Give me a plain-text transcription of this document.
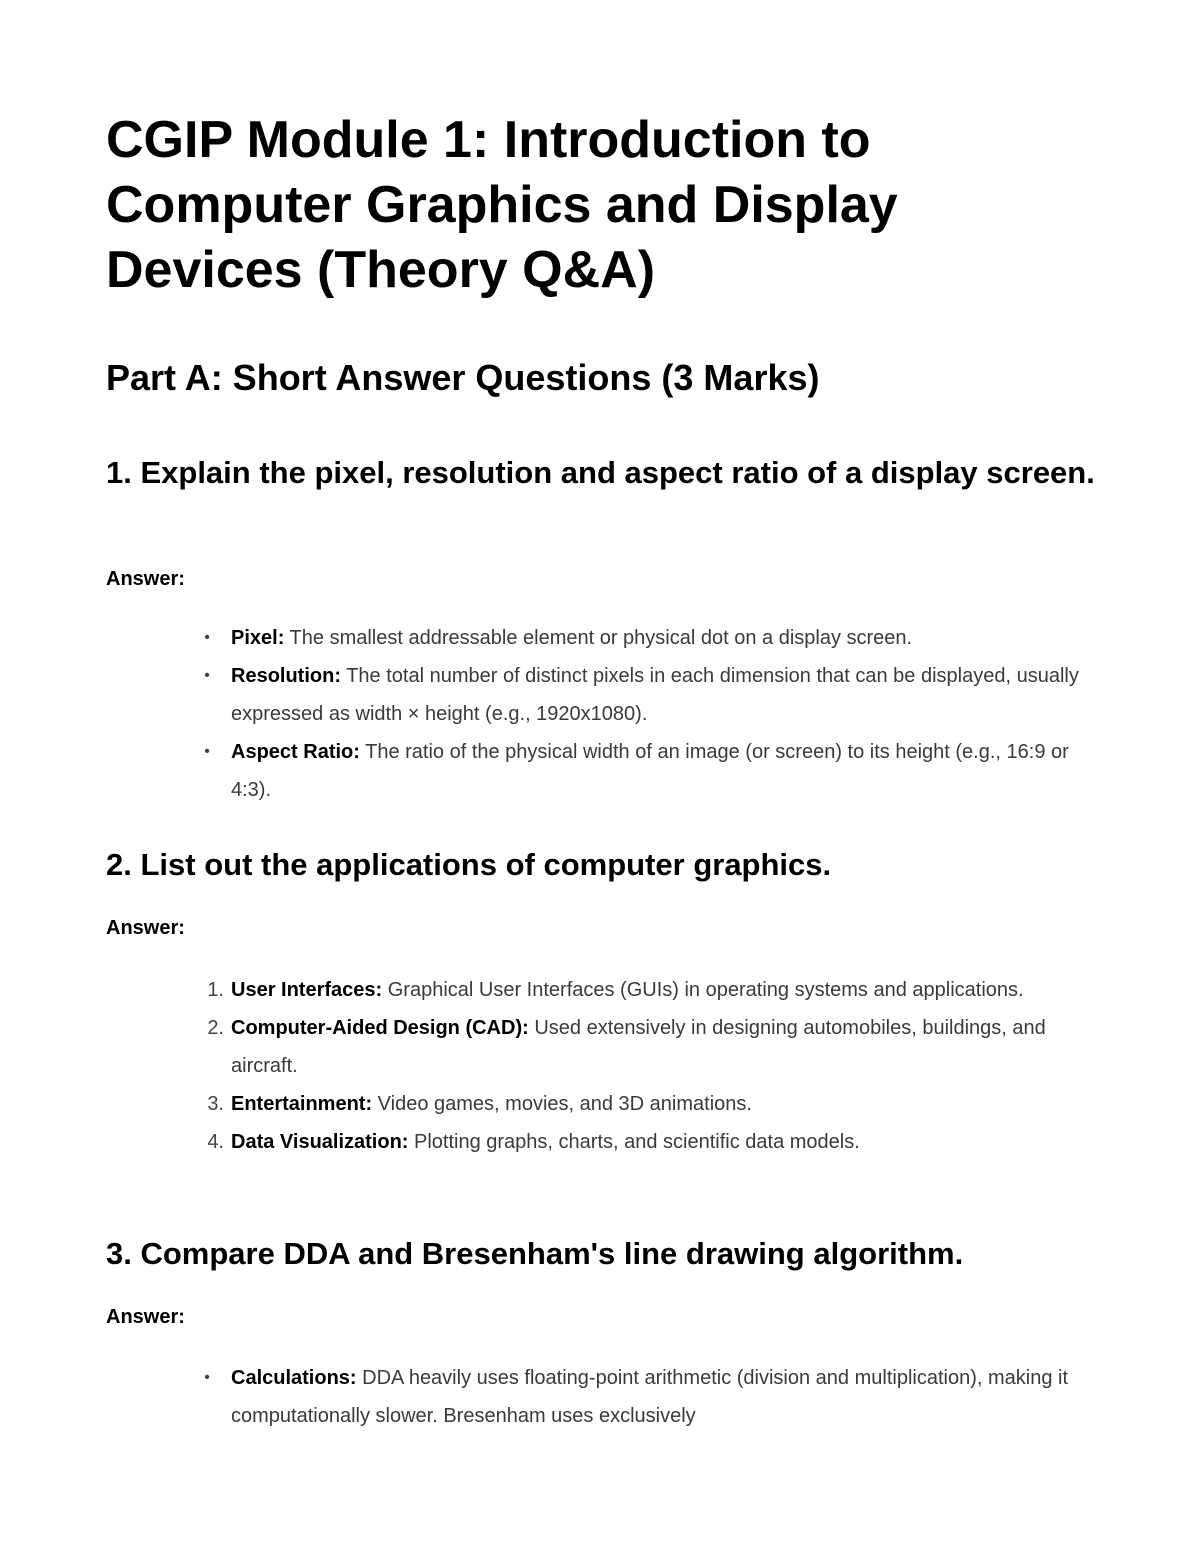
CGIP Module 1: Introduction to Computer Graphics and Display Devices (Theory Q&A)
Part A: Short Answer Questions (3 Marks)
1. Explain the pixel, resolution and aspect ratio of a display screen.

Answer:

•	Pixel: The smallest addressable element or physical dot on a display screen.
•	Resolution: The total number of distinct pixels in each dimension that can be displayed, usually expressed as width × height (e.g., 1920x1080).
•	Aspect Ratio: The ratio of the physical width of an image (or screen) to its height (e.g., 16:9 or 4:3).
2. List out the applications of computer graphics.

Answer:

1. User Interfaces: Graphical User Interfaces (GUIs) in operating systems and applications.
2. Computer-Aided Design (CAD): Used extensively in designing automobiles, buildings, and aircraft.
3. Entertainment: Video games, movies, and 3D animations.
4. Data Visualization: Plotting graphs, charts, and scientific data models.
3. Compare DDA and Bresenham's line drawing algorithm.

Answer:

•	Calculations: DDA heavily uses floating-point arithmetic (division and multiplication), making it computationally slower. Bresenham uses exclusively
